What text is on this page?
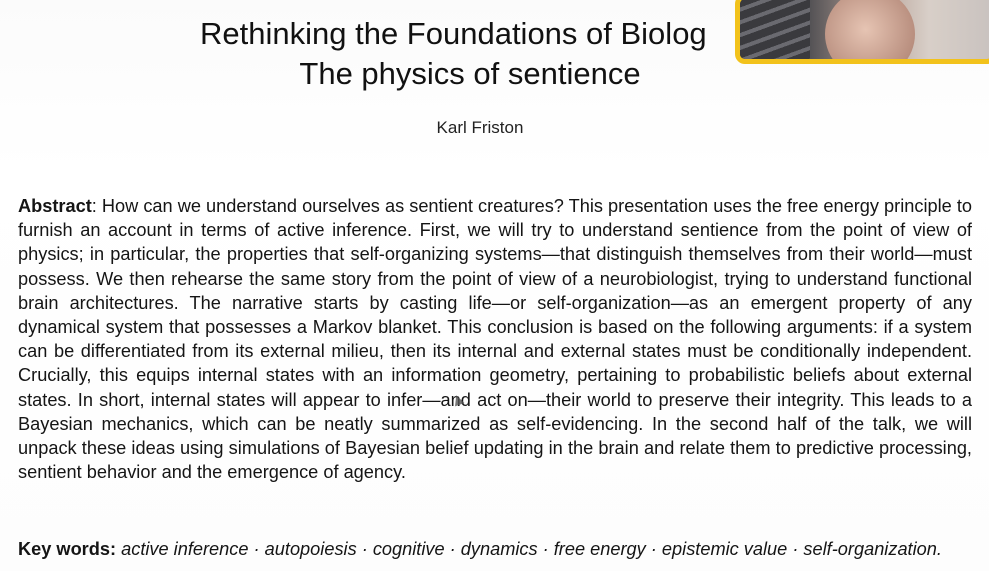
Rethinking the Foundations of Biolog
The physics of sentience
Karl Friston
Abstract: How can we understand ourselves as sentient creatures? This presentation uses the free energy principle to furnish an account in terms of active inference. First, we will try to understand sentience from the point of view of physics; in particular, the properties that self-organizing systems—that distinguish themselves from their world—must possess. We then rehearse the same story from the point of view of a neurobiologist, trying to understand functional brain architectures. The narrative starts by casting life—or self-organization—as an emergent property of any dynamical system that possesses a Markov blanket. This conclusion is based on the following arguments: if a system can be differentiated from its external milieu, then its internal and external states must be conditionally independent. Crucially, this equips internal states with an information geometry, pertaining to probabilistic beliefs about external states. In short, internal states will appear to infer—and act on—their world to preserve their integrity. This leads to a Bayesian mechanics, which can be neatly summarized as self-evidencing. In the second half of the talk, we will unpack these ideas using simulations of Bayesian belief updating in the brain and relate them to predictive processing, sentient behavior and the emergence of agency.
Key words: active inference · autopoiesis · cognitive · dynamics · free energy · epistemic value · self-organization.
